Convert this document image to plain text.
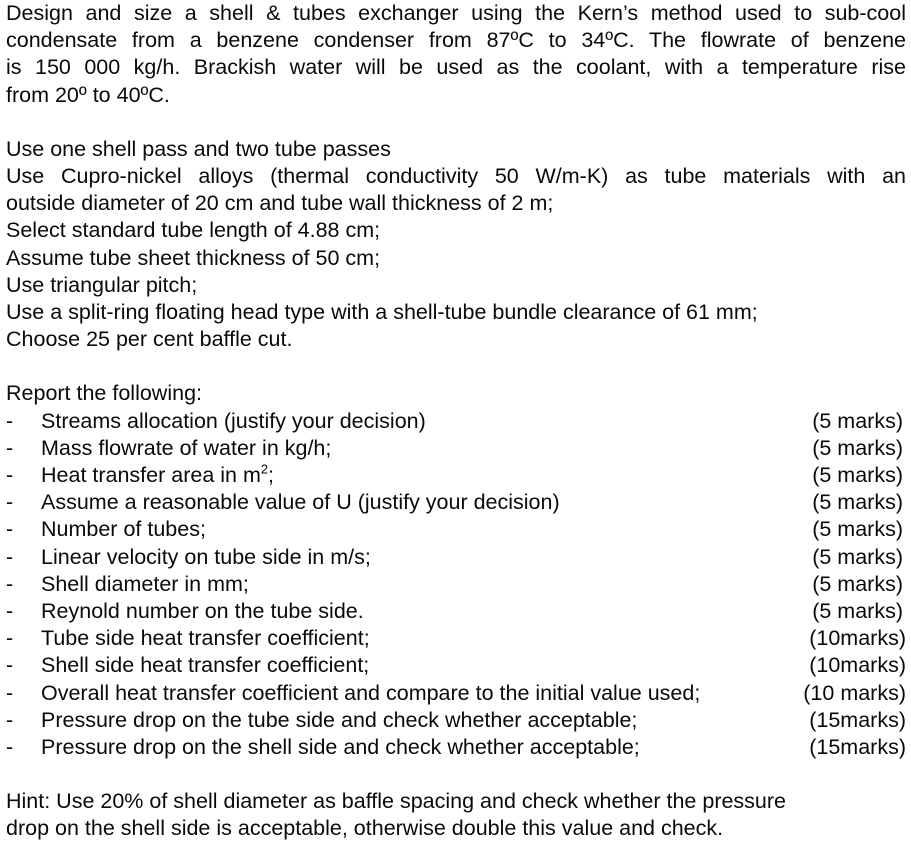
Design and size a shell & tubes exchanger using the Kern’s method used to sub-cool
condensate from a benzene condenser from 87ºC to 34ºC. The flowrate of benzene
is 150 000 kg/h. Brackish water will be used as the coolant, with a temperature rise
from 20º to 40ºC.
Use one shell pass and two tube passes
Use Cupro-nickel alloys (thermal conductivity 50 W/m-K) as tube materials with an
outside diameter of 20 cm and tube wall thickness of 2 m;
Select standard tube length of 4.88 cm;
Assume tube sheet thickness of 50 cm;
Use triangular pitch;
Use a split-ring floating head type with a shell-tube bundle clearance of 61 mm;
Choose 25 per cent baffle cut.
Report the following:
- Streams allocation (justify your decision)	(5 marks)
- Mass flowrate of water in kg/h;	(5 marks)
- Heat transfer area in $m^2$;	(5 marks)
- Assume a reasonable value of U (justify your decision)	(5 marks)
- Number of tubes;	(5 marks)
- Linear velocity on tube side in m/s;	(5 marks)
- Shell diameter in mm;	(5 marks)
- Reynold number on the tube side.	(5 marks)
- Tube side heat transfer coefficient;	(10marks)
- Shell side heat transfer coefficient;	(10marks)
- Overall heat transfer coefficient and compare to the initial value used;	(10 marks)
- Pressure drop on the tube side and check whether acceptable;	(15marks)
- Pressure drop on the shell side and check whether acceptable;	(15marks)
Hint: Use 20% of shell diameter as baffle spacing and check whether the pressure
drop on the shell side is acceptable, otherwise double this value and check.
